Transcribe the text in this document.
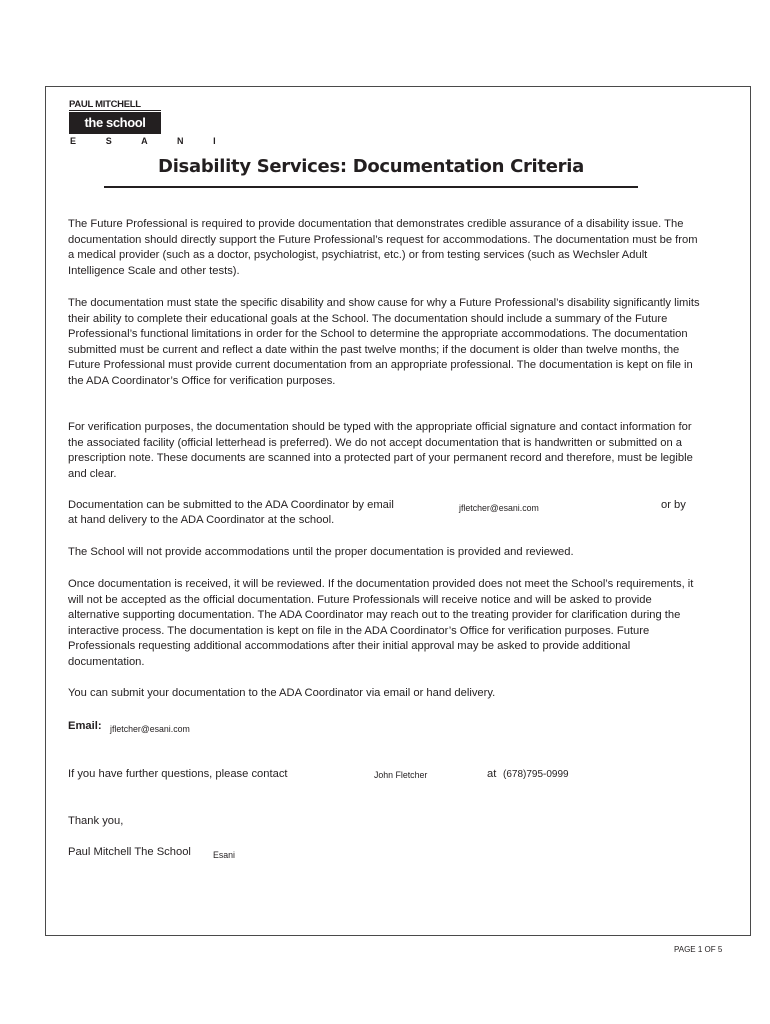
PAUL MITCHELL
the school
E S A N I
Disability Services: Documentation Criteria

The Future Professional is required to provide documentation that demonstrates credible assurance of a disability issue. The documentation should directly support the Future Professional’s request for accommodations. The documentation must be from a medical provider (such as a doctor, psychologist, psychiatrist, etc.) or from testing services (such as Wechsler Adult Intelligence Scale and other tests).

The documentation must state the specific disability and show cause for why a Future Professional’s disability significantly limits their ability to complete their educational goals at the School. The documentation should include a summary of the Future Professional’s functional limitations in order for the School to determine the appropriate accommodations. The documentation submitted must be current and reflect a date within the past twelve months; if the document is older than twelve months, the Future Professional must provide current documentation from an appropriate professional. The documentation is kept on file in the ADA Coordinator’s Office for verification purposes.

For verification purposes, the documentation should be typed with the appropriate official signature and contact information for the associated facility (official letterhead is preferred). We do not accept documentation that is handwritten or submitted on a prescription note. These documents are scanned into a protected part of your permanent record and therefore, must be legible and clear.

Documentation can be submitted to the ADA Coordinator by email	jfletcher@esani.com	or by
at hand delivery to the ADA Coordinator at the school.
The School will not provide accommodations until the proper documentation is provided and reviewed.

Once documentation is received, it will be reviewed. If the documentation provided does not meet the School’s requirements, it will not be accepted as the official documentation. Future Professionals will receive notice and will be asked to provide alternative supporting documentation. The ADA Coordinator may reach out to the treating provider for clarification during the interactive process. The documentation is kept on file in the ADA Coordinator’s Office for verification purposes. Future Professionals requesting additional accommodations after their initial approval may be asked to provide additional documentation.

You can submit your documentation to the ADA Coordinator via email or hand delivery.
Email: jfletcher@esani.com
If you have further questions, please contact	John Fletcher	at (678)795-0999
Thank you,
Paul Mitchell The School	Esani
PAGE 1 OF 5
